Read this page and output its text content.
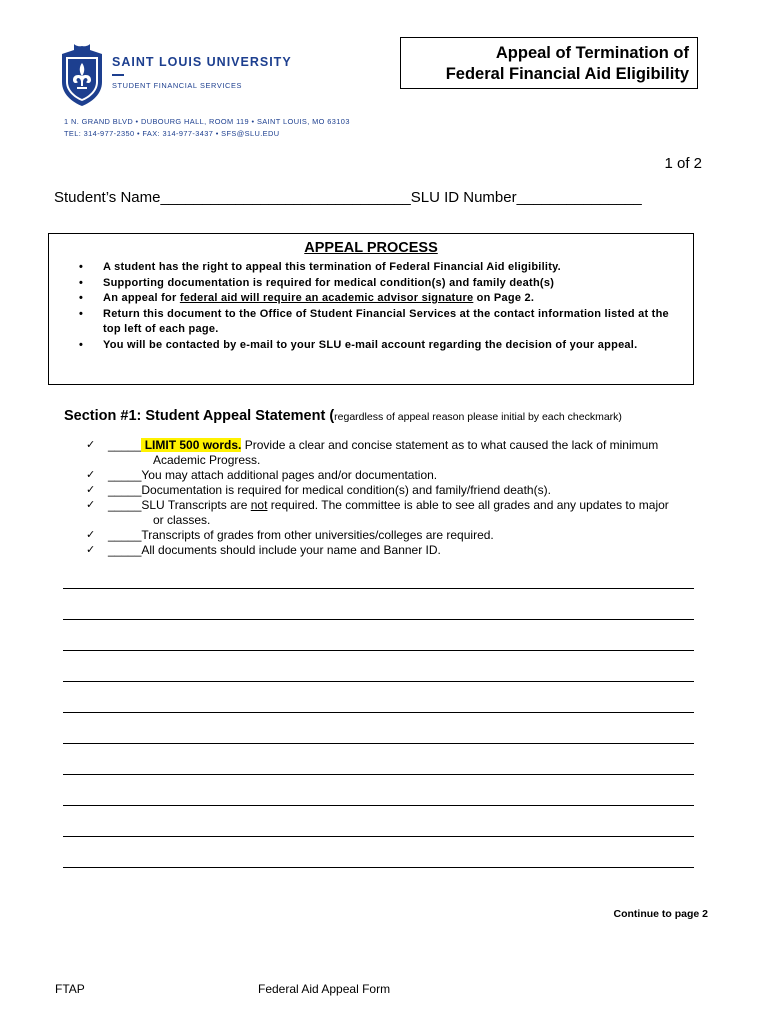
SAINT LOUIS UNIVERSITY
STUDENT FINANCIAL SERVICES
1 N. GRAND BLVD • DUBOURG HALL, ROOM 119 • SAINT LOUIS, MO 63103
TEL: 314-977-2350 • FAX: 314-977-3437 • SFS@SLU.EDU
Appeal of Termination of
Federal Financial Aid Eligibility
1 of 2
Student’s Name______________________________SLU ID Number_______________
APPEAL PROCESS
• A student has the right to appeal this termination of Federal Financial Aid eligibility.
• Supporting documentation is required for medical condition(s) and family death(s)
• An appeal for federal aid will require an academic advisor signature on Page 2.
• Return this document to the Office of Student Financial Services at the contact information listed at the top left of each page.
• You will be contacted by e-mail to your SLU e-mail account regarding the decision of your appeal.
Section #1: Student Appeal Statement (regardless of appeal reason please initial by each checkmark)
✓ _____ LIMIT 500 words. Provide a clear and concise statement as to what caused the lack of minimum
Academic Progress.
✓ _____You may attach additional pages and/or documentation.
✓ _____Documentation is required for medical condition(s) and family/friend death(s).
✓ _____SLU Transcripts are not required. The committee is able to see all grades and any updates to major
or classes.
✓ _____Transcripts of grades from other universities/colleges are required.
✓ _____All documents should include your name and Banner ID.
Continue to page 2
FTAP	Federal Aid Appeal Form
